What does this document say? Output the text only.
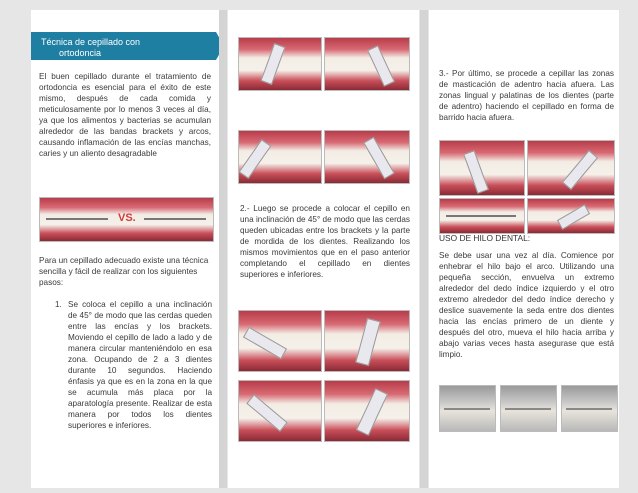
Técnica de cepillado con
ortodoncia
El buen cepillado durante el tratamiento de ortodoncia es esencial para el éxito de este mismo, después de cada comida y meticulosamente por lo menos 3 veces al día, ya que los alimentos y bacterias se acumulan alrededor de las bandas brackets y arcos, causando inflamación de las encías manchas, caries y un aliento desagradable
VS.
Para un cepillado adecuado existe una técnica sencilla y fácil de realizar con los siguientes pasos:
1. Se coloca el cepillo a una inclinación de 45° de modo que las cerdas queden entre las encías y los brackets. Moviendo el cepillo de lado a lado y de manera circular manteniéndolo en esa zona. Ocupando de 2 a 3 dientes durante 10 segundos. Haciendo énfasis ya que es en la zona en la que se acumula más placa por la aparatología presente. Realizar de esta manera por todos los dientes superiores e inferiores.
2.- Luego se procede a colocar el cepillo en una inclinación de 45° de modo que las cerdas queden ubicadas entre los brackets y la parte de mordida de los dientes. Realizando los mismos movimientos que en el paso anterior completando el cepillado en dientes superiores e inferiores.
3.- Por último, se procede a cepillar las zonas de masticación de adentro hacia afuera. Las zonas lingual y palatinas de los dientes (parte de adentro) haciendo el cepillado en forma de barrido hacia afuera.
USO DE HILO DENTAL:
Se debe usar una vez al día. Comience por enhebrar el hilo bajo el arco. Utilizando una pequeña sección, envuelva un extremo alrededor del dedo índice izquierdo y el otro extremo alrededor del dedo índice derecho y deslice suavemente la seda entre dos dientes hacia las encías primero de un diente y después del otro, mueva el hilo hacia arriba y abajo varias veces hasta asegurase que está limpio.
